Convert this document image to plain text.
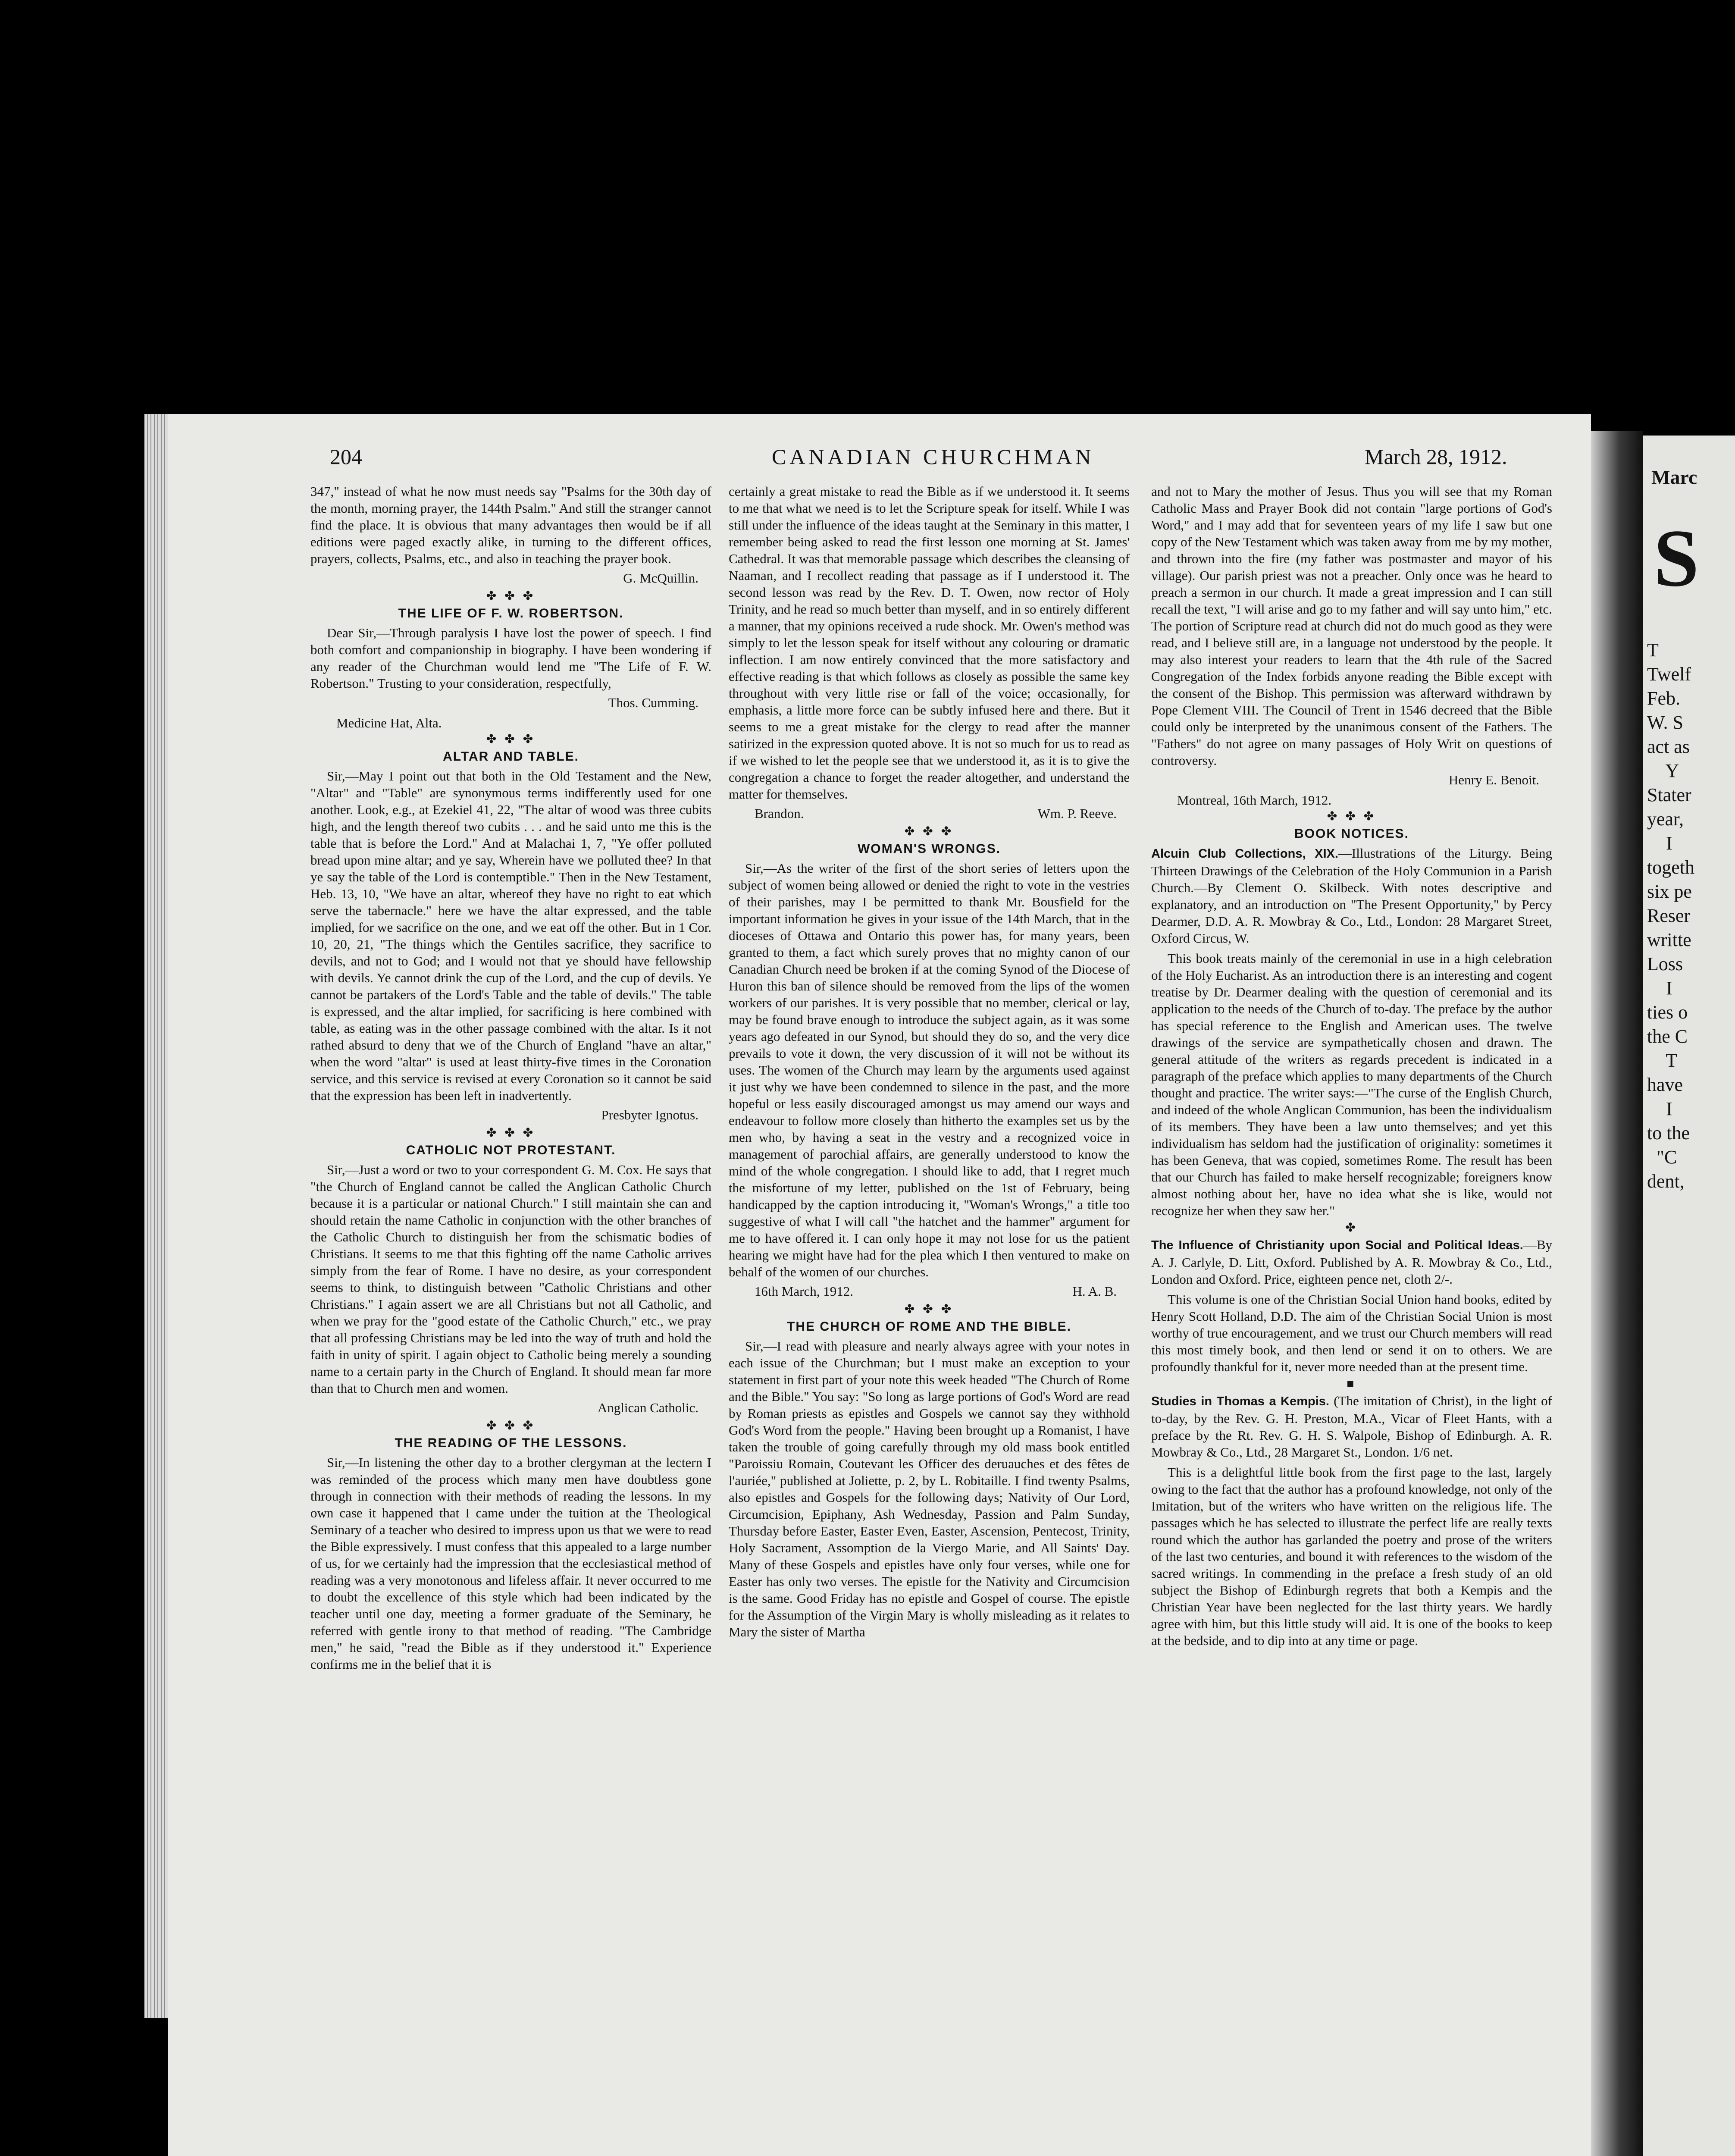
204	CANADIAN CHURCHMAN	March 28, 1912.

347," instead of what he now must needs say "Psalms for the 30th day of the month, morning prayer, the 144th Psalm." And still the stranger cannot find the place. It is obvious that many advantages then would be if all editions were paged exactly alike, in turning to the different offices, prayers, collects, Psalms, etc., and also in teaching the prayer book.

G. McQuillin.
✤ ✤ ✤
THE LIFE OF F. W. ROBERTSON.

Dear Sir,—Through paralysis I have lost the power of speech. I find both comfort and companionship in biography. I have been wondering if any reader of the Churchman would lend me "The Life of F. W. Robertson." Trusting to your consideration, respectfully,

Thos. Cumming.
Medicine Hat, Alta.
✤ ✤ ✤
ALTAR AND TABLE.

Sir,—May I point out that both in the Old Testament and the New, "Altar" and "Table" are synonymous terms indifferently used for one another. Look, e.g., at Ezekiel 41, 22, "The altar of wood was three cubits high, and the length thereof two cubits . . . and he said unto me this is the table that is before the Lord." And at Malachai 1, 7, "Ye offer polluted bread upon mine altar; and ye say, Wherein have we polluted thee? In that ye say the table of the Lord is contemptible." Then in the New Testament, Heb. 13, 10, "We have an altar, whereof they have no right to eat which serve the tabernacle." here we have the altar expressed, and the table implied, for we sacrifice on the one, and we eat off the other. But in 1 Cor. 10, 20, 21, "The things which the Gentiles sacrifice, they sacrifice to devils, and not to God; and I would not that ye should have fellowship with devils. Ye cannot drink the cup of the Lord, and the cup of devils. Ye cannot be partakers of the Lord's Table and the table of devils." The table is expressed, and the altar implied, for sacrificing is here combined with table, as eating was in the other passage combined with the altar. Is it not rathed absurd to deny that we of the Church of England "have an altar," when the word "altar" is used at least thirty-five times in the Coronation service, and this service is revised at every Coronation so it cannot be said that the expression has been left in inadvertently.

Presbyter Ignotus.
✤ ✤ ✤
CATHOLIC NOT PROTESTANT.

Sir,—Just a word or two to your correspondent G. M. Cox. He says that "the Church of England cannot be called the Anglican Catholic Church because it is a particular or national Church." I still maintain she can and should retain the name Catholic in conjunction with the other branches of the Catholic Church to distinguish her from the schismatic bodies of Christians. It seems to me that this fighting off the name Catholic arrives simply from the fear of Rome. I have no desire, as your correspondent seems to think, to distinguish between "Catholic Christians and other Christians." I again assert we are all Christians but not all Catholic, and when we pray for the "good estate of the Catholic Church," etc., we pray that all professing Christians may be led into the way of truth and hold the faith in unity of spirit. I again object to Catholic being merely a sounding name to a certain party in the Church of England. It should mean far more than that to Church men and women.

Anglican Catholic.
✤ ✤ ✤
THE READING OF THE LESSONS.

Sir,—In listening the other day to a brother clergyman at the lectern I was reminded of the process which many men have doubtless gone through in connection with their methods of reading the lessons. In my own case it happened that I came under the tuition at the Theological Seminary of a teacher who desired to impress upon us that we were to read the Bible expressively. I must confess that this appealed to a large number of us, for we certainly had the impression that the ecclesiastical method of reading was a very monotonous and lifeless affair. It never occurred to me to doubt the excellence of this style which had been indicated by the teacher until one day, meeting a former graduate of the Seminary, he referred with gentle irony to that method of reading. "The Cambridge men," he said, "read the Bible as if they understood it." Experience confirms me in the belief that it is

certainly a great mistake to read the Bible as if we understood it. It seems to me that what we need is to let the Scripture speak for itself. While I was still under the influence of the ideas taught at the Seminary in this matter, I remember being asked to read the first lesson one morning at St. James' Cathedral. It was that memorable passage which describes the cleansing of Naaman, and I recollect reading that passage as if I understood it. The second lesson was read by the Rev. D. T. Owen, now rector of Holy Trinity, and he read so much better than myself, and in so entirely different a manner, that my opinions received a rude shock. Mr. Owen's method was simply to let the lesson speak for itself without any colouring or dramatic inflection. I am now entirely convinced that the more satisfactory and effective reading is that which follows as closely as possible the same key throughout with very little rise or fall of the voice; occasionally, for emphasis, a little more force can be subtly infused here and there. But it seems to me a great mistake for the clergy to read after the manner satirized in the expression quoted above. It is not so much for us to read as if we wished to let the people see that we understood it, as it is to give the congregation a chance to forget the reader altogether, and understand the matter for themselves.

Brandon.	Wm. P. Reeve.
✤ ✤ ✤
WOMAN'S WRONGS.

Sir,—As the writer of the first of the short series of letters upon the subject of women being allowed or denied the right to vote in the vestries of their parishes, may I be permitted to thank Mr. Bousfield for the important information he gives in your issue of the 14th March, that in the dioceses of Ottawa and Ontario this power has, for many years, been granted to them, a fact which surely proves that no mighty canon of our Canadian Church need be broken if at the coming Synod of the Diocese of Huron this ban of silence should be removed from the lips of the women workers of our parishes. It is very possible that no member, clerical or lay, may be found brave enough to introduce the subject again, as it was some years ago defeated in our Synod, but should they do so, and the very dice prevails to vote it down, the very discussion of it will not be without its uses. The women of the Church may learn by the arguments used against it just why we have been condemned to silence in the past, and the more hopeful or less easily discouraged amongst us may amend our ways and endeavour to follow more closely than hitherto the examples set us by the men who, by having a seat in the vestry and a recognized voice in management of parochial affairs, are generally understood to know the mind of the whole congregation. I should like to add, that I regret much the misfortune of my letter, published on the 1st of February, being handicapped by the caption introducing it, "Woman's Wrongs," a title too suggestive of what I will call "the hatchet and the hammer" argument for me to have offered it. I can only hope it may not lose for us the patient hearing we might have had for the plea which I then ventured to make on behalf of the women of our churches.

16th March, 1912.	H. A. B.
✤ ✤ ✤
THE CHURCH OF ROME AND THE BIBLE.

Sir,—I read with pleasure and nearly always agree with your notes in each issue of the Churchman; but I must make an exception to your statement in first part of your note this week headed "The Church of Rome and the Bible." You say: "So long as large portions of God's Word are read by Roman priests as epistles and Gospels we cannot say they withhold God's Word from the people." Having been brought up a Romanist, I have taken the trouble of going carefully through my old mass book entitled "Paroissiu Romain, Coutevant les Officer des deruauches et des fêtes de l'auriée," published at Joliette, p. 2, by L. Robitaille. I find twenty Psalms, also epistles and Gospels for the following days; Nativity of Our Lord, Circumcision, Epiphany, Ash Wednesday, Passion and Palm Sunday, Thursday before Easter, Easter Even, Easter, Ascension, Pentecost, Trinity, Holy Sacrament, Assomption de la Viergo Marie, and All Saints' Day. Many of these Gospels and epistles have only four verses, while one for Easter has only two verses. The epistle for the Nativity and Circumcision is the same. Good Friday has no epistle and Gospel of course. The epistle for the Assumption of the Virgin Mary is wholly misleading as it relates to Mary the sister of Martha

and not to Mary the mother of Jesus. Thus you will see that my Roman Catholic Mass and Prayer Book did not contain "large portions of God's Word," and I may add that for seventeen years of my life I saw but one copy of the New Testament which was taken away from me by my mother, and thrown into the fire (my father was postmaster and mayor of his village). Our parish priest was not a preacher. Only once was he heard to preach a sermon in our church. It made a great impression and I can still recall the text, "I will arise and go to my father and will say unto him," etc. The portion of Scripture read at church did not do much good as they were read, and I believe still are, in a language not understood by the people. It may also interest your readers to learn that the 4th rule of the Sacred Congregation of the Index forbids anyone reading the Bible except with the consent of the Bishop. This permission was afterward withdrawn by Pope Clement VIII. The Council of Trent in 1546 decreed that the Bible could only be interpreted by the unanimous consent of the Fathers. The "Fathers" do not agree on many passages of Holy Writ on questions of controversy.

Henry E. Benoit.
Montreal, 16th March, 1912.
✤ ✤ ✤
BOOK NOTICES.
Alcuin Club Collections, XIX.—Illustrations of the Liturgy. Being Thirteen Drawings of the Celebration of the Holy Communion in a Parish Church.—By Clement O. Skilbeck. With notes descriptive and explanatory, and an introduction on "The Present Opportunity," by Percy Dearmer, D.D. A. R. Mowbray & Co., Ltd., London: 28 Margaret Street, Oxford Circus, W.

This book treats mainly of the ceremonial in use in a high celebration of the Holy Eucharist. As an introduction there is an interesting and cogent treatise by Dr. Dearmer dealing with the question of ceremonial and its application to the needs of the Church of to-day. The preface by the author has special reference to the English and American uses. The twelve drawings of the service are sympathetically chosen and drawn. The general attitude of the writers as regards precedent is indicated in a paragraph of the preface which applies to many departments of the Church thought and practice. The writer says:—"The curse of the English Church, and indeed of the whole Anglican Communion, has been the individualism of its members. They have been a law unto themselves; and yet this individualism has seldom had the justification of originality: sometimes it has been Geneva, that was copied, sometimes Rome. The result has been that our Church has failed to make herself recognizable; foreigners know almost nothing about her, have no idea what she is like, would not recognize her when they saw her."

✤
The Influence of Christianity upon Social and Political Ideas.—By A. J. Carlyle, D. Litt, Oxford. Published by A. R. Mowbray & Co., Ltd., London and Oxford. Price, eighteen pence net, cloth 2/-.

This volume is one of the Christian Social Union hand books, edited by Henry Scott Holland, D.D. The aim of the Christian Social Union is most worthy of true encouragement, and we trust our Church members will read this most timely book, and then lend or send it on to others. We are profoundly thankful for it, never more needed than at the present time.

■
Studies in Thomas a Kempis. (The imitation of Christ), in the light of to-day, by the Rev. G. H. Preston, M.A., Vicar of Fleet Hants, with a preface by the Rt. Rev. G. H. S. Walpole, Bishop of Edinburgh. A. R. Mowbray & Co., Ltd., 28 Margaret St., London. 1/6 net.

This is a delightful little book from the first page to the last, largely owing to the fact that the author has a profound knowledge, not only of the Imitation, but of the writers who have written on the religious life. The passages which he has selected to illustrate the perfect life are really texts round which the author has garlanded the poetry and prose of the writers of the last two centuries, and bound it with references to the wisdom of the sacred writings. In commending in the preface a fresh study of an old subject the Bishop of Edinburgh regrets that both a Kempis and the Christian Year have been neglected for the last thirty years. We hardly agree with him, but this little study will aid. It is one of the books to keep at the bedside, and to dip into at any time or page.

Marc
S
T
Twelf
Feb.
W. S
act as
Y
Stater
year,
I
togeth
six pe
Reser
writte
Loss
I
ties o
the C
T
have
I
to the
"C
dent,
